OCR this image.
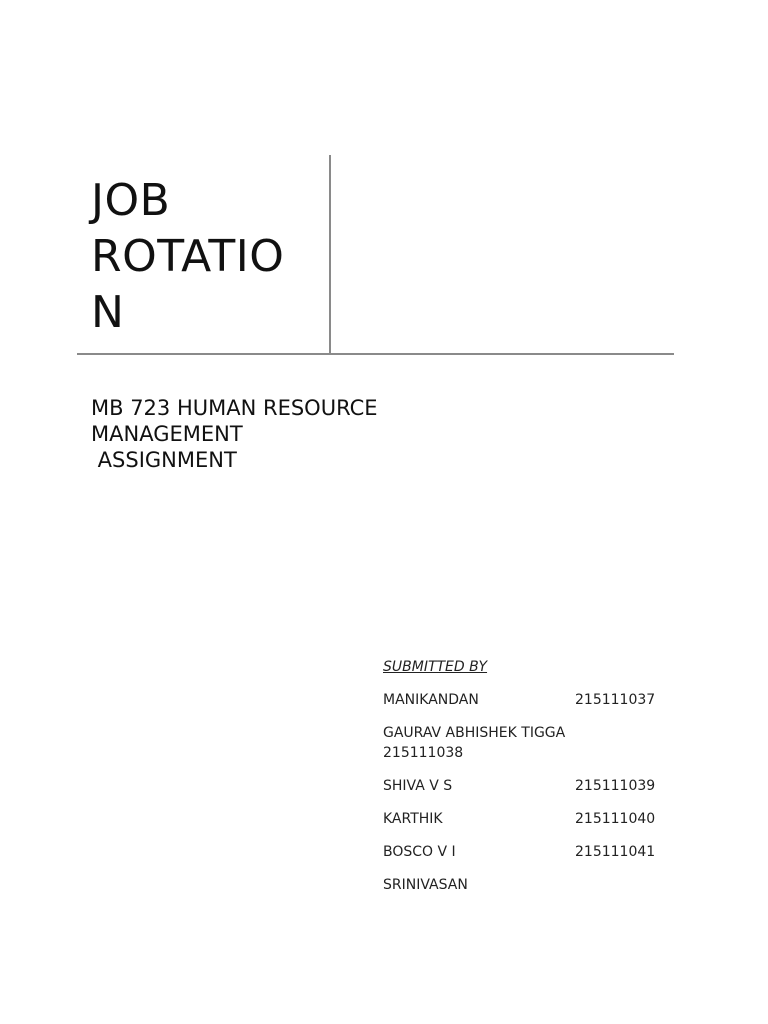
JOB
ROTATIO
N
MB 723 HUMAN RESOURCE
MANAGEMENT
ASSIGNMENT
SUBMITTED BY
MANIKANDAN	215111037
GAURAV ABHISHEK TIGGA
215111038
SHIVA V S	215111039
KARTHIK	215111040
BOSCO V I	215111041
SRINIVASAN
